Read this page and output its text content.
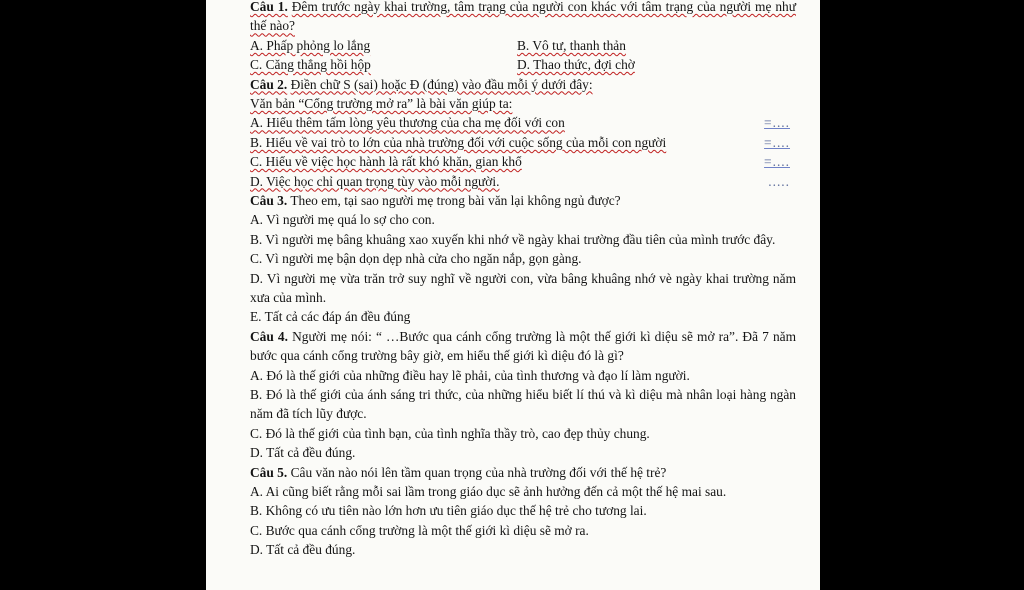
Câu 1. Đêm trước ngày khai trường, tâm trạng của người con khác với tâm trạng của người mẹ như thế nào?

A. Phấp phỏng lo lắng	B. Vô tư, thanh thản
C. Căng thẳng hồi hộp	D. Thao thức, đợi chờ
Câu 2. Điền chữ S (sai) hoặc Đ (đúng) vào đầu mỗi ý dưới đây:
Văn bản “Cổng trường mở ra” là bài văn giúp ta:
A. Hiểu thêm tấm lòng yêu thương của cha mẹ đối với con	=....
B. Hiểu về vai trò to lớn của nhà trường đối với cuộc sống của mỗi con người	=....
C. Hiểu về việc học hành là rất khó khăn, gian khổ	=....
D. Việc học chỉ quan trọng tùy vào mỗi người.	.....
Câu 3. Theo em, tại sao người mẹ trong bài văn lại không ngủ được?

A. Vì người mẹ quá lo sợ cho con.

B. Vì người mẹ bâng khuâng xao xuyến khi nhớ về ngày khai trường đầu tiên của mình trước đây.

C. Vì người mẹ bận dọn dẹp nhà cửa cho ngăn nắp, gọn gàng.

D. Vì người mẹ vừa trăn trở suy nghĩ về người con, vừa bâng khuâng nhớ vè ngày khai trường năm xưa của mình.

E. Tất cả các đáp án đều đúng

Câu 4. Người mẹ nói: “ …Bước qua cánh cổng trường là một thế giới kì diệu sẽ mở ra”. Đã 7 năm bước qua cánh cổng trường bây giờ, em hiểu thế giới kì diệu đó là gì?

A. Đó là thế giới của những điều hay lẽ phải, của tình thương và đạo lí làm người.

B. Đó là thế giới của ánh sáng tri thức, của những hiểu biết lí thú và kì diệu mà nhân loại hàng ngàn năm đã tích lũy được.

C. Đó là thế giới của tình bạn, của tình nghĩa thầy trò, cao đẹp thủy chung.

D. Tất cả đều đúng.

Câu 5. Câu văn nào nói lên tầm quan trọng của nhà trường đối với thế hệ trẻ?

A. Ai cũng biết rằng mỗi sai lầm trong giáo dục sẽ ảnh hưởng đến cả một thế hệ mai sau.

B. Không có ưu tiên nào lớn hơn ưu tiên giáo dục thế hệ trẻ cho tương lai.

C. Bước qua cánh cổng trường là một thế giới kì diệu sẽ mở ra.

D. Tất cả đều đúng.
